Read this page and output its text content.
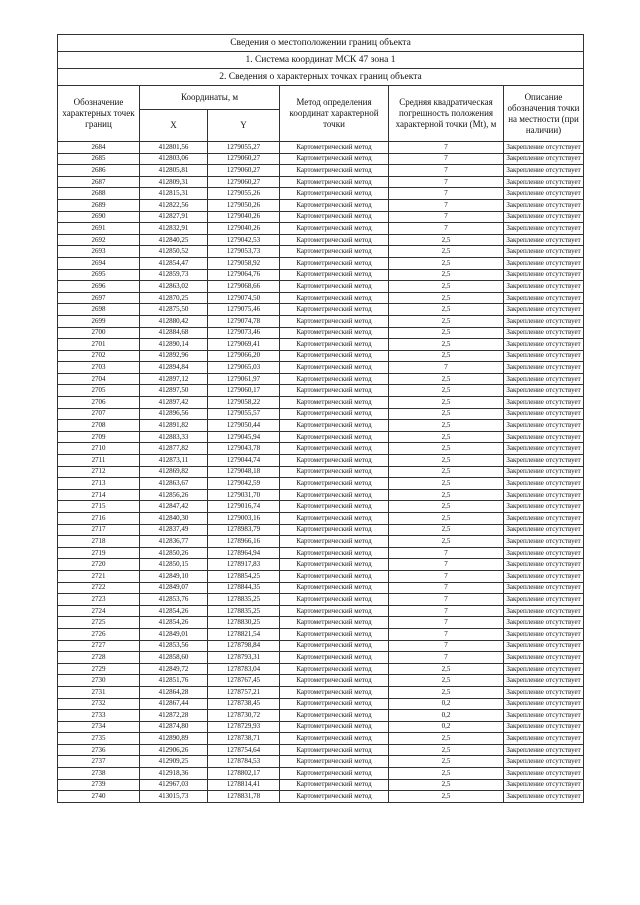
Сведения о местоположении границ объекта					
1. Система координат МСК 47 зона 1					
2. Сведения о характерных точках границ объекта					
Обозначение характерных точек границ	Координаты, м		Метод определения координат характерной точки	Средняя квадратическая погрешность положения характерной точки (Mt), м	Описание обозначения точки на местности (при наличии)
	X	Y			
2684	412801,56	1279055,27	Картометрический метод	7	Закрепление отсутствует
2685	412803,06	1279060,27	Картометрический метод	7	Закрепление отсутствует
2686	412805,81	1279060,27	Картометрический метод	7	Закрепление отсутствует
2687	412809,31	1279060,27	Картометрический метод	7	Закрепление отсутствует
2688	412815,31	1279055,26	Картометрический метод	7	Закрепление отсутствует
2689	412822,56	1279050,26	Картометрический метод	7	Закрепление отсутствует
2690	412827,91	1279040,26	Картометрический метод	7	Закрепление отсутствует
2691	412832,91	1279040,26	Картометрический метод	7	Закрепление отсутствует
2692	412840,25	1279042,53	Картометрический метод	2,5	Закрепление отсутствует
2693	412850,52	1279053,73	Картометрический метод	2,5	Закрепление отсутствует
2694	412854,47	1279058,92	Картометрический метод	2,5	Закрепление отсутствует
2695	412859,73	1279064,76	Картометрический метод	2,5	Закрепление отсутствует
2696	412863,02	1279068,66	Картометрический метод	2,5	Закрепление отсутствует
2697	412870,25	1279074,50	Картометрический метод	2,5	Закрепление отсутствует
2698	412875,50	1279075,46	Картометрический метод	2,5	Закрепление отсутствует
2699	412880,42	1279074,78	Картометрический метод	2,5	Закрепление отсутствует
2700	412884,68	1279073,46	Картометрический метод	2,5	Закрепление отсутствует
2701	412890,14	1279069,41	Картометрический метод	2,5	Закрепление отсутствует
2702	412892,96	1279066,20	Картометрический метод	2,5	Закрепление отсутствует
2703	412894,84	1279065,03	Картометрический метод	7	Закрепление отсутствует
2704	412897,12	1279061,97	Картометрический метод	2,5	Закрепление отсутствует
2705	412897,50	1279060,17	Картометрический метод	2,5	Закрепление отсутствует
2706	412897,42	1279058,22	Картометрический метод	2,5	Закрепление отсутствует
2707	412896,56	1279055,57	Картометрический метод	2,5	Закрепление отсутствует
2708	412891,82	1279050,44	Картометрический метод	2,5	Закрепление отсутствует
2709	412883,33	1279045,94	Картометрический метод	2,5	Закрепление отсутствует
2710	412877,82	1279043,78	Картометрический метод	2,5	Закрепление отсутствует
2711	412873,11	1279044,74	Картометрический метод	2,5	Закрепление отсутствует
2712	412869,82	1279048,18	Картометрический метод	2,5	Закрепление отсутствует
2713	412863,67	1279042,59	Картометрический метод	2,5	Закрепление отсутствует
2714	412856,26	1279031,70	Картометрический метод	2,5	Закрепление отсутствует
2715	412847,42	1279016,74	Картометрический метод	2,5	Закрепление отсутствует
2716	412840,30	1279003,16	Картометрический метод	2,5	Закрепление отсутствует
2717	412837,49	1278983,79	Картометрический метод	2,5	Закрепление отсутствует
2718	412836,77	1278966,16	Картометрический метод	2,5	Закрепление отсутствует
2719	412850,26	1278964,94	Картометрический метод	7	Закрепление отсутствует
2720	412850,15	1278917,83	Картометрический метод	7	Закрепление отсутствует
2721	412849,10	1278854,25	Картометрический метод	7	Закрепление отсутствует
2722	412849,07	1278844,35	Картометрический метод	7	Закрепление отсутствует
2723	412853,76	1278835,25	Картометрический метод	7	Закрепление отсутствует
2724	412854,26	1278835,25	Картометрический метод	7	Закрепление отсутствует
2725	412854,26	1278830,25	Картометрический метод	7	Закрепление отсутствует
2726	412849,01	1278821,54	Картометрический метод	7	Закрепление отсутствует
2727	412853,56	1278798,84	Картометрический метод	7	Закрепление отсутствует
2728	412858,60	1278793,31	Картометрический метод	7	Закрепление отсутствует
2729	412849,72	1278783,04	Картометрический метод	2,5	Закрепление отсутствует
2730	412851,76	1278767,45	Картометрический метод	2,5	Закрепление отсутствует
2731	412864,28	1278757,21	Картометрический метод	2,5	Закрепление отсутствует
2732	412867,44	1278738,45	Картометрический метод	0,2	Закрепление отсутствует
2733	412872,28	1278730,72	Картометрический метод	0,2	Закрепление отсутствует
2734	412874,80	1278729,93	Картометрический метод	0,2	Закрепление отсутствует
2735	412890,89	1278738,71	Картометрический метод	2,5	Закрепление отсутствует
2736	412906,26	1278754,64	Картометрический метод	2,5	Закрепление отсутствует
2737	412909,25	1278784,53	Картометрический метод	2,5	Закрепление отсутствует
2738	412918,36	1278802,17	Картометрический метод	2,5	Закрепление отсутствует
2739	412967,03	1278814,41	Картометрический метод	2,5	Закрепление отсутствует
2740	413015,73	1278831,78	Картометрический метод	2,5	Закрепление отсутствует
